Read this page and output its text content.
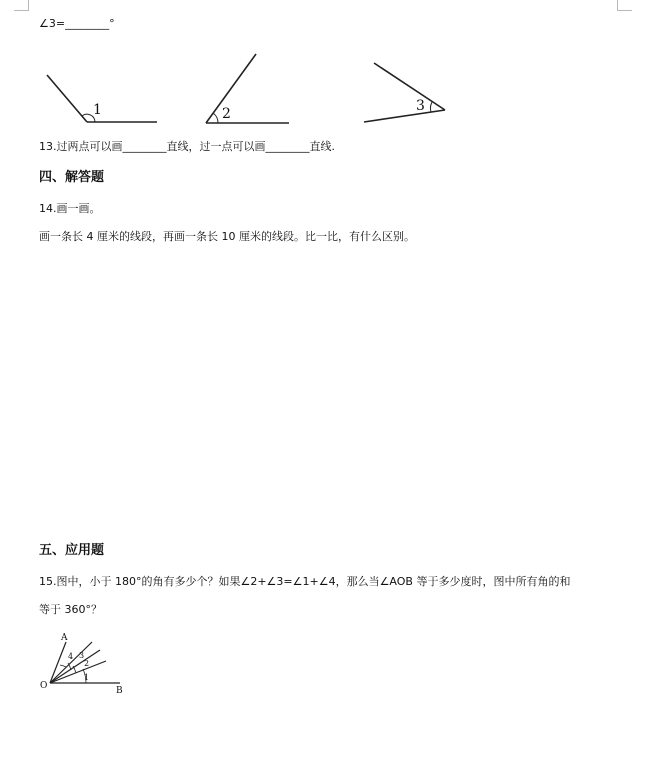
∠3=________°
1	2	3
13.过两点可以画________直线，过一点可以画________直线.
四、解答题
14.画一画。
画一条长 4 厘米的线段，再画一条长 10 厘米的线段。比一比，有什么区别。
五、应用题
15.图中，小于 180°的角有多少个？如果∠2+∠3=∠1+∠4，那么当∠AOB 等于多少度时，图中所有角的和
等于 360°？
A
O	B
4 3
2
1
